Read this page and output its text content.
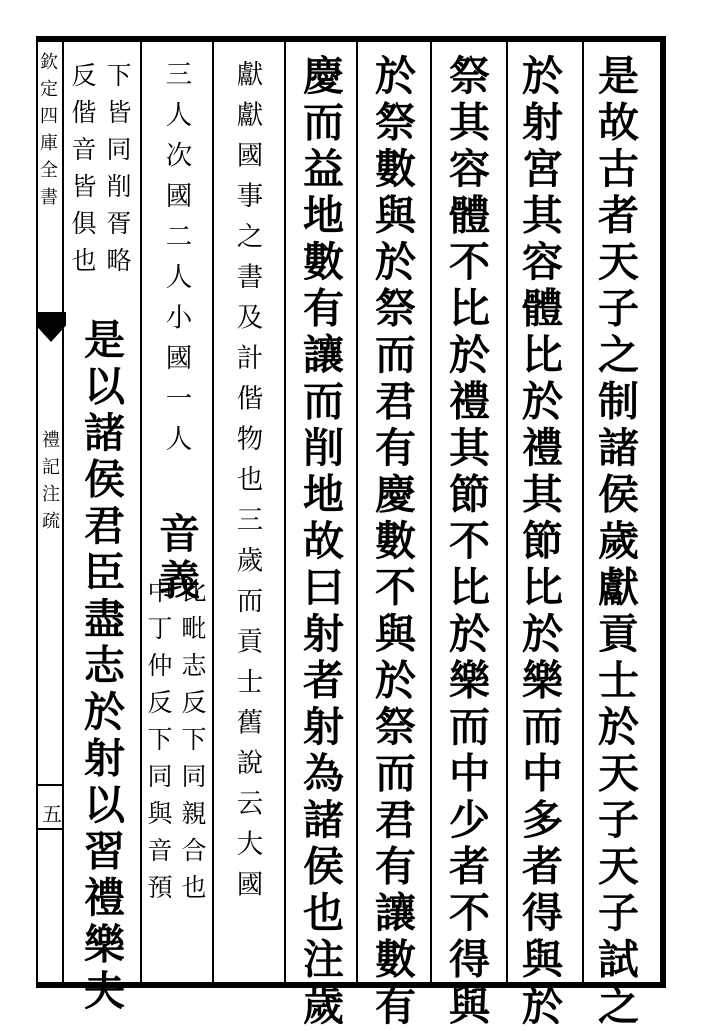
欽定四庫全書
禮記注疏
五	是故古者天子之制諸侯歲獻貢士於天子天子試之
於射宮其容體比於禮其節比於樂而中多者得與於
祭其容體不比於禮其節不比於樂而中少者不得與
於祭數與於祭而君有慶數不與於祭而君有讓數有
慶而益地數有讓而削地故曰射者射為諸侯也注歲
獻獻國事之書及計偕物也三歲而貢士舊說云大國
三人次國二人小國一人
音義
比毗志反下同親合也
中丁仲反下同與音預
下皆同削胥略
反偕音皆俱也
是以諸侯君臣盡志於射以習禮樂夫
